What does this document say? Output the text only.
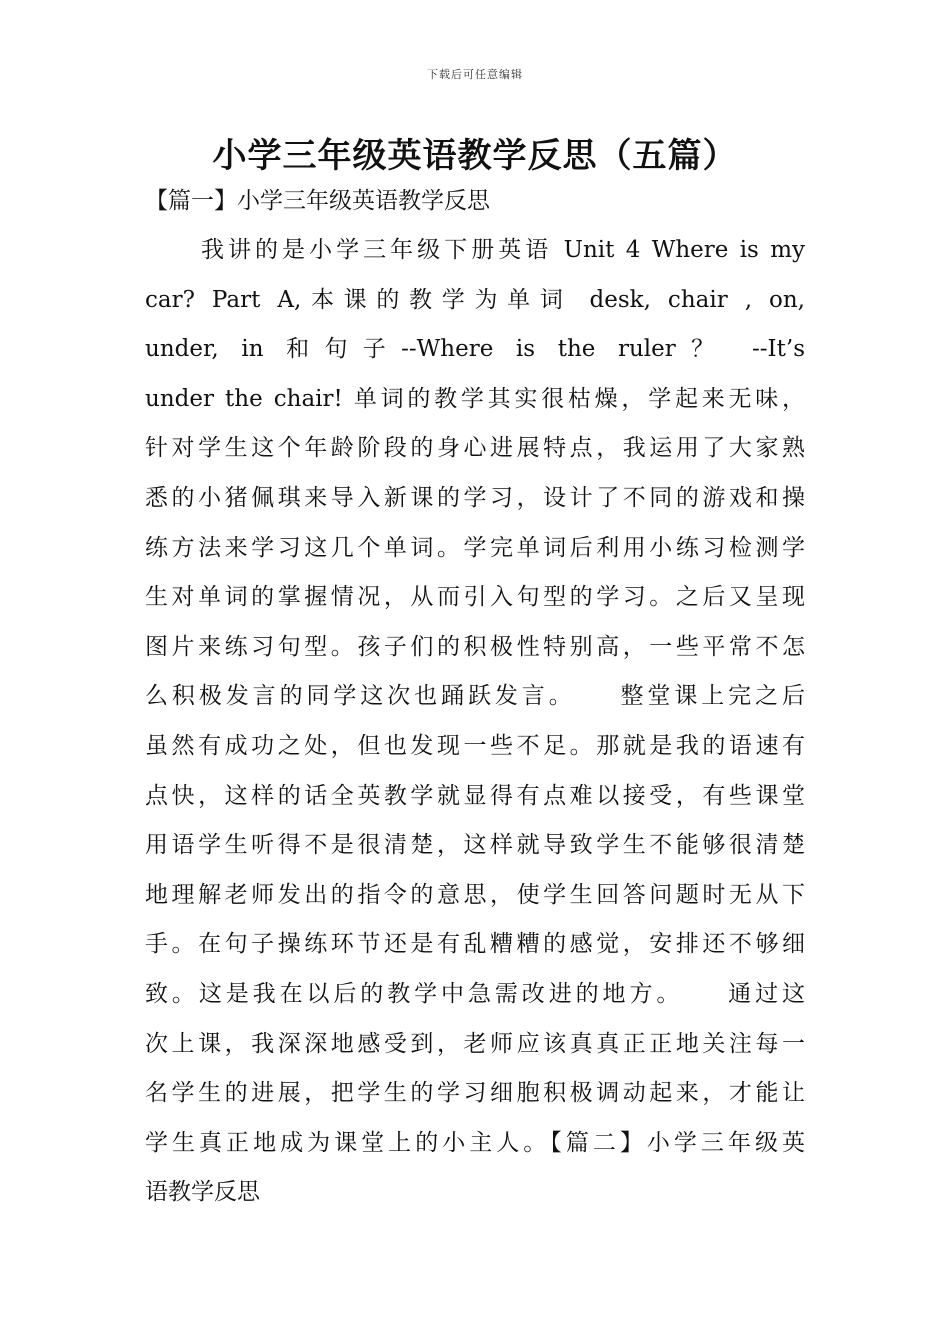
下载后可任意编辑
小学三年级英语教学反思（五篇）
【篇一】小学三年级英语教学反思
我讲的是小学三年级下册英语 Unit 4 Where is my
car? Part A,本课的教学为单词 desk, chair , on,
under, in 和句子--Where is the ruler？ --It’s
under the chair! 单词的教学其实很枯燥，学起来无味，
针对学生这个年龄阶段的身心进展特点，我运用了大家熟
悉的小猪佩琪来导入新课的学习，设计了不同的游戏和操
练方法来学习这几个单词。学完单词后利用小练习检测学
生对单词的掌握情况，从而引入句型的学习。之后又呈现
图片来练习句型。孩子们的积极性特别高，一些平常不怎
么积极发言的同学这次也踊跃发言。    整堂课上完之后
虽然有成功之处，但也发现一些不足。那就是我的语速有
点快，这样的话全英教学就显得有点难以接受，有些课堂
用语学生听得不是很清楚，这样就导致学生不能够很清楚
地理解老师发出的指令的意思，使学生回答问题时无从下
手。在句子操练环节还是有乱糟糟的感觉，安排还不够细
致。这是我在以后的教学中急需改进的地方。    通过这
次上课，我深深地感受到，老师应该真真正正地关注每一
名学生的进展，把学生的学习细胞积极调动起来，才能让
学生真正地成为课堂上的小主人。【篇二】小学三年级英
语教学反思
